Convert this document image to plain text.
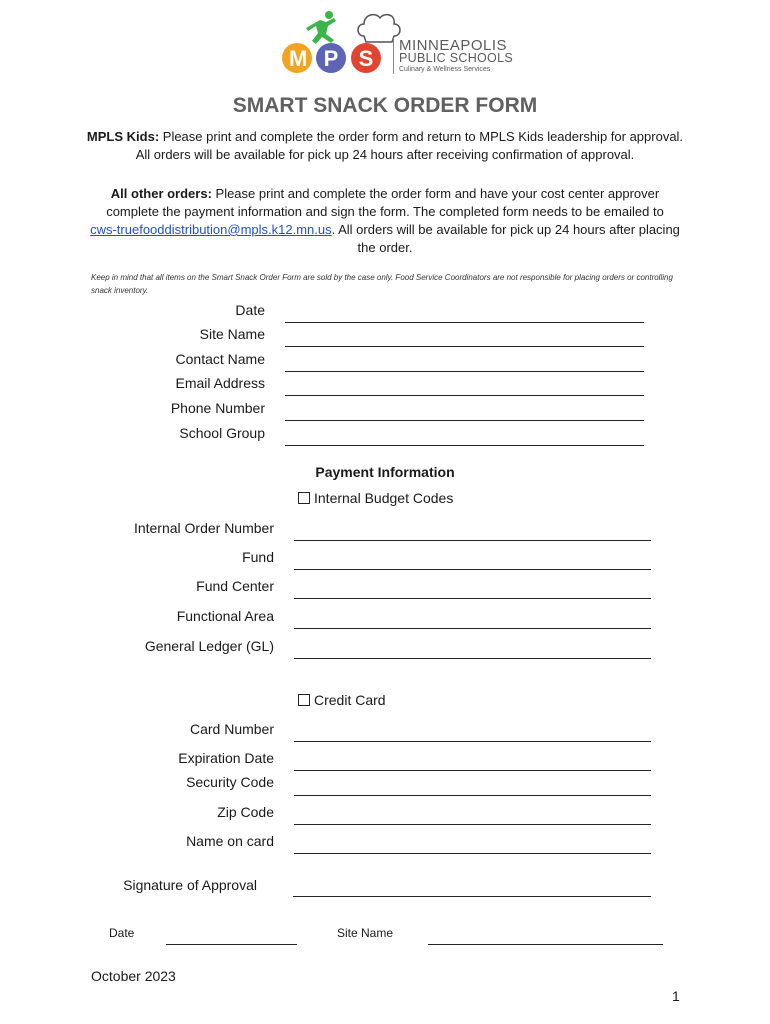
M P S
MINNEAPOLIS
PUBLIC SCHOOLS
Culinary & Wellness Services
SMART SNACK ORDER FORM
MPLS Kids: Please print and complete the order form and return to MPLS Kids leadership for approval.
All orders will be available for pick up 24 hours after receiving confirmation of approval.
All other orders: Please print and complete the order form and have your cost center approver
complete the payment information and sign the form. The completed form needs to be emailed to
cws-truefooddistribution@mpls.k12.mn.us. All orders will be available for pick up 24 hours after placing
the order.
Keep in mind that all items on the Smart Snack Order Form are sold by the case only. Food Service Coordinators are not responsible for placing orders or controlling snack inventory.
Date
Site Name
Contact Name
Email Address
Phone Number
School Group
Payment Information
Internal Budget Codes
Internal Order Number
Fund
Fund Center
Functional Area
General Ledger (GL)
Credit Card
Card Number
Expiration Date
Security Code
Zip Code
Name on card
Signature of Approval
Date	Site Name
October 2023
1
